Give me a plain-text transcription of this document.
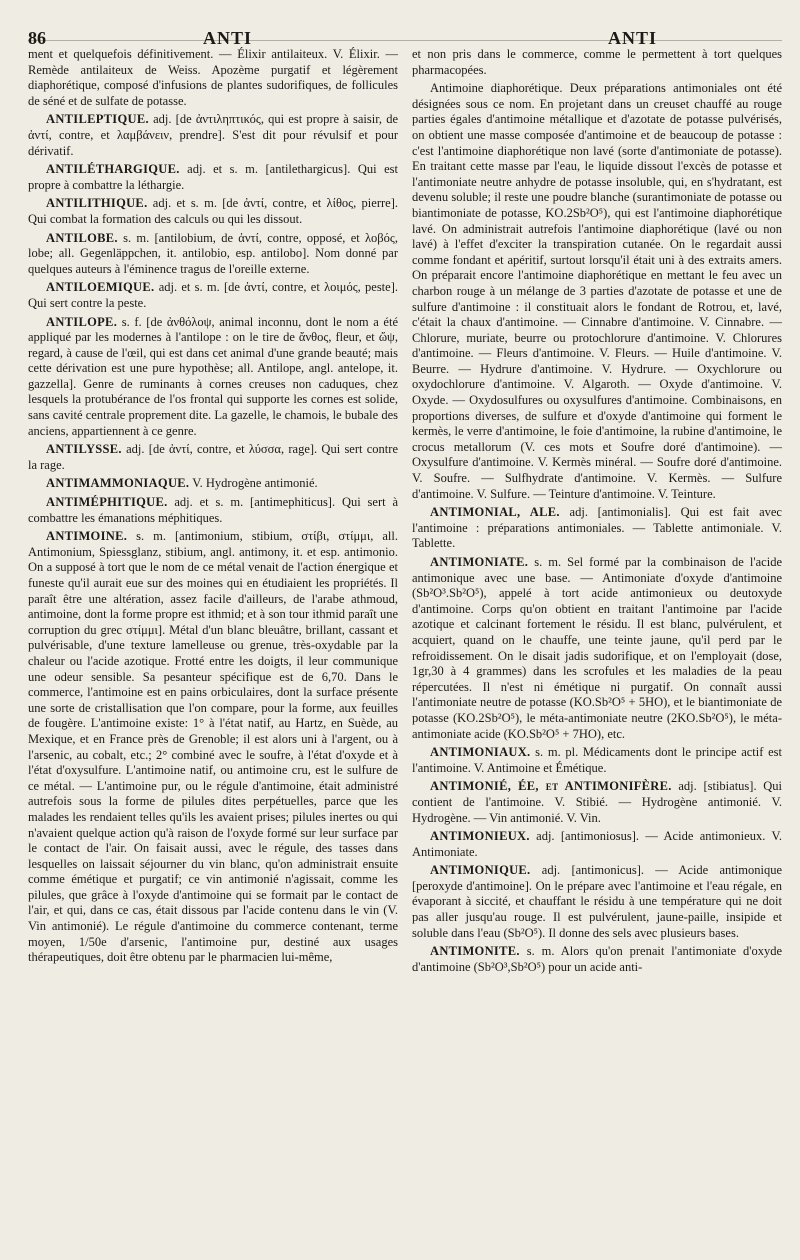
86	ANTI	ANTI

ment et quelquefois définitivement. — Élixir antilaiteux. V. Élixir. — Remède antilaiteux de Weiss. Apozème purgatif et légèrement diaphorétique, composé d'infusions de plantes sudorifiques, de follicules de séné et de sulfate de potasse.

ANTILEPTIQUE. adj. [de ἀντιληπτικός, qui est propre à saisir, de ἀντί, contre, et λαμβάνειν, prendre]. S'est dit pour révulsif et pour dérivatif.

ANTILÉTHARGIQUE. adj. et s. m. [antilethargicus]. Qui est propre à combattre la léthargie.

ANTILITHIQUE. adj. et s. m. [de ἀντί, contre, et λίθος, pierre]. Qui combat la formation des calculs ou qui les dissout.

ANTILOBE. s. m. [antilobium, de ἀντί, contre, opposé, et λοβός, lobe; all. Gegenläppchen, it. antilobio, esp. antilobo]. Nom donné par quelques auteurs à l'éminence tragus de l'oreille externe.

ANTILOEMIQUE. adj. et s. m. [de ἀντί, contre, et λοιμός, peste]. Qui sert contre la peste.

ANTILOPE. s. f. [de ἀνθόλοψ, animal inconnu, dont le nom a été appliqué par les modernes à l'antilope : on le tire de ἄνθος, fleur, et ὤψ, regard, à cause de l'œil, qui est dans cet animal d'une grande beauté; mais cette dérivation est une pure hypothèse; all. Antilope, angl. antelope, it. gazzella]. Genre de ruminants à cornes creuses non caduques, chez lesquels la protubérance de l'os frontal qui supporte les cornes est solide, sans cavité centrale proprement dite. La gazelle, le chamois, le bubale des anciens, appartiennent à ce genre.

ANTILYSSE. adj. [de ἀντί, contre, et λύσσα, rage]. Qui sert contre la rage.

ANTIMAMMONIAQUE. V. Hydrogène antimonié.

ANTIMÉPHITIQUE. adj. et s. m. [antimephiticus]. Qui sert à combattre les émanations méphitiques.

ANTIMOINE. s. m. [antimonium, stibium, στίβι, στίμμι, all. Antimonium, Spiessglanz, stibium, angl. antimony, it. et esp. antimonio. On a supposé à tort que le nom de ce métal venait de l'action énergique et funeste qu'il aurait eue sur des moines qui en étudiaient les propriétés. Il paraît être une altération, assez facile d'ailleurs, de l'arabe athmoud, antimoine, dont la forme propre est ithmid; et à son tour ithmid paraît une corruption du grec στίμμι]. Métal d'un blanc bleuâtre, brillant, cassant et pulvérisable, d'une texture lamelleuse ou grenue, très-oxydable par la chaleur ou l'acide azotique. Frotté entre les doigts, il leur communique une odeur sensible. Sa pesanteur spécifique est de 6,70. Dans le commerce, l'antimoine est en pains orbiculaires, dont la surface présente une sorte de cristallisation que l'on compare, pour la forme, aux feuilles de fougère. L'antimoine existe: 1° à l'état natif, au Hartz, en Suède, au Mexique, et en France près de Grenoble; il est alors uni à l'argent, ou à l'arsenic, au cobalt, etc.; 2° combiné avec le soufre, à l'état d'oxyde et à l'état d'oxysulfure. L'antimoine natif, ou antimoine cru, est le sulfure de ce métal. — L'antimoine pur, ou le régule d'antimoine, était administré autrefois sous la forme de pilules dites perpétuelles, parce que les malades les rendaient telles qu'ils les avaient prises; pilules inertes ou qui n'avaient quelque action qu'à raison de l'oxyde formé sur leur surface par le contact de l'air. On faisait aussi, avec le régule, des tasses dans lesquelles on laissait séjourner du vin blanc, qu'on administrait ensuite comme émétique et purgatif; ce vin antimonié n'agissait, comme les pilules, que grâce à l'oxyde d'antimoine qui se formait par le contact de l'air, et qui, dans ce cas, était dissous par l'acide contenu dans le vin (V. Vin antimonié). Le régule d'antimoine du commerce contenant, terme moyen, 1/50e d'arsenic, l'antimoine pur, destiné aux usages thérapeutiques, doit être obtenu par le pharmacien lui-même,

et non pris dans le commerce, comme le permettent à tort quelques pharmacopées.

Antimoine diaphorétique. Deux préparations antimoniales ont été désignées sous ce nom. En projetant dans un creuset chauffé au rouge parties égales d'antimoine métallique et d'azotate de potasse pulvérisés, on obtient une masse composée d'antimoine et de beaucoup de potasse : c'est l'antimoine diaphorétique non lavé (sorte d'antimoniate de potasse). En traitant cette masse par l'eau, le liquide dissout l'excès de potasse et l'antimoniate neutre anhydre de potasse insoluble, qui, en s'hydratant, est devenu soluble; il reste une poudre blanche (surantimoniate de potasse ou biantimoniate de potasse, KO.2Sb²O⁵), qui est l'antimoine diaphorétique lavé. On administrait autrefois l'antimoine diaphorétique (lavé ou non lavé) à l'effet d'exciter la transpiration cutanée. On le regardait aussi comme fondant et apéritif, surtout lorsqu'il était uni à des extraits amers. On préparait encore l'antimoine diaphorétique en mettant le feu avec un charbon rouge à un mélange de 3 parties d'azotate de potasse et une de sulfure d'antimoine : il constituait alors le fondant de Rotrou, et, lavé, c'était la chaux d'antimoine. — Cinnabre d'antimoine. V. Cinnabre. — Chlorure, muriate, beurre ou protochlorure d'antimoine. V. Chlorures d'antimoine. — Fleurs d'antimoine. V. Fleurs. — Huile d'antimoine. V. Beurre. — Hydrure d'antimoine. V. Hydrure. — Oxychlorure ou oxydochlorure d'antimoine. V. Algaroth. — Oxyde d'antimoine. V. Oxyde. — Oxydosulfures ou oxysulfures d'antimoine. Combinaisons, en proportions diverses, de sulfure et d'oxyde d'antimoine qui forment le kermès, le verre d'antimoine, le foie d'antimoine, la rubine d'antimoine, le crocus metallorum (V. ces mots et Soufre doré d'antimoine). — Oxysulfure d'antimoine. V. Kermès minéral. — Soufre doré d'antimoine. V. Soufre. — Sulfhydrate d'antimoine. V. Kermès. — Sulfure d'antimoine. V. Sulfure. — Teinture d'antimoine. V. Teinture.

ANTIMONIAL, ALE. adj. [antimonialis]. Qui est fait avec l'antimoine : préparations antimoniales. — Tablette antimoniale. V. Tablette.

ANTIMONIATE. s. m. Sel formé par la combinaison de l'acide antimonique avec une base. — Antimoniate d'oxyde d'antimoine (Sb²O³.Sb²O⁵), appelé à tort acide antimonieux ou deutoxyde d'antimoine. Corps qu'on obtient en traitant l'antimoine par l'acide azotique et calcinant fortement le résidu. Il est blanc, pulvérulent, et acquiert, quand on le chauffe, une teinte jaune, qu'il perd par le refroidissement. On le disait jadis sudorifique, et on l'employait (dose, 1gr,30 à 4 grammes) dans les scrofules et les maladies de la peau répercutées. Il n'est ni émétique ni purgatif. On connaît aussi l'antimoniate neutre de potasse (KO.Sb²O⁵ + 5HO), et le biantimoniate de potasse (KO.2Sb²O⁵), le méta-antimoniate neutre (2KO.Sb²O⁵), le méta-antimoniate acide (KO.Sb²O⁵ + 7HO), etc.

ANTIMONIAUX. s. m. pl. Médicaments dont le principe actif est l'antimoine. V. Antimoine et Émétique.

ANTIMONIÉ, ÉE, et ANTIMONIFÈRE. adj. [stibiatus]. Qui contient de l'antimoine. V. Stibié. — Hydrogène antimonié. V. Hydrogène. — Vin antimonié. V. Vin.

ANTIMONIEUX. adj. [antimoniosus]. — Acide antimonieux. V. Antimoniate.

ANTIMONIQUE. adj. [antimonicus]. — Acide antimonique [peroxyde d'antimoine]. On le prépare avec l'antimoine et l'eau régale, en évaporant à siccité, et chauffant le résidu à une température qui ne doit pas aller jusqu'au rouge. Il est pulvérulent, jaune-paille, insipide et soluble dans l'eau (Sb²O⁵). Il donne des sels avec plusieurs bases.

ANTIMONITE. s. m. Alors qu'on prenait l'antimoniate d'oxyde d'antimoine (Sb²O³,Sb²O⁵) pour un acide anti-
